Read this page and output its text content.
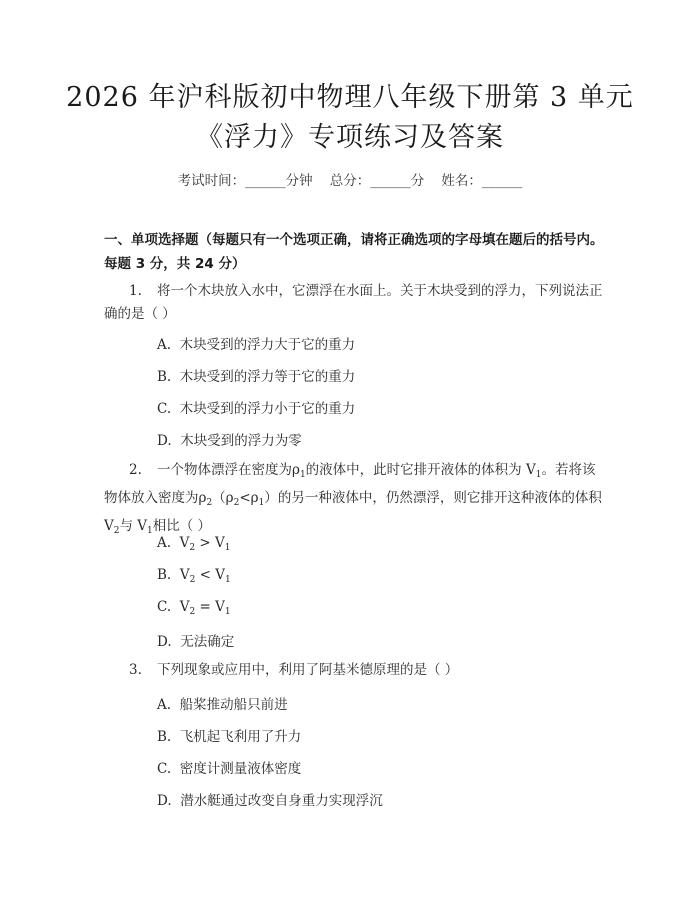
2026 年沪科版初中物理八年级下册第 3 单元
《浮力》专项练习及答案
考试时间：______分钟    总分：______分    姓名：______
一、单项选择题（每题只有一个选项正确，请将正确选项的字母填在题后的括号内。每题 3 分，共 24 分）
1. 将一个木块放入水中，它漂浮在水面上。关于木块受到的浮力，下列说法正确的是（ ）
A.  木块受到的浮力大于它的重力
B.  木块受到的浮力等于它的重力
C.  木块受到的浮力小于它的重力
D.  木块受到的浮力为零
2. 一个物体漂浮在密度为$\rho_1$的液体中，此时它排开液体的体积为 $V_1$。若将该物体放入密度为$\rho_2(\rho_2<\rho_1)$的另一种液体中，仍然漂浮，则它排开这种液体的体积 $V_2$与 $V_1$相比（ ）
A. $V_2 > V_1$
B. $V_2 < V_1$
C. $V_2 = V_1$
D.  无法确定
3. 下列现象或应用中，利用了阿基米德原理的是（ ）
A.  船桨推动船只前进
B.  飞机起飞利用了升力
C.  密度计测量液体密度
D.  潜水艇通过改变自身重力实现浮沉
